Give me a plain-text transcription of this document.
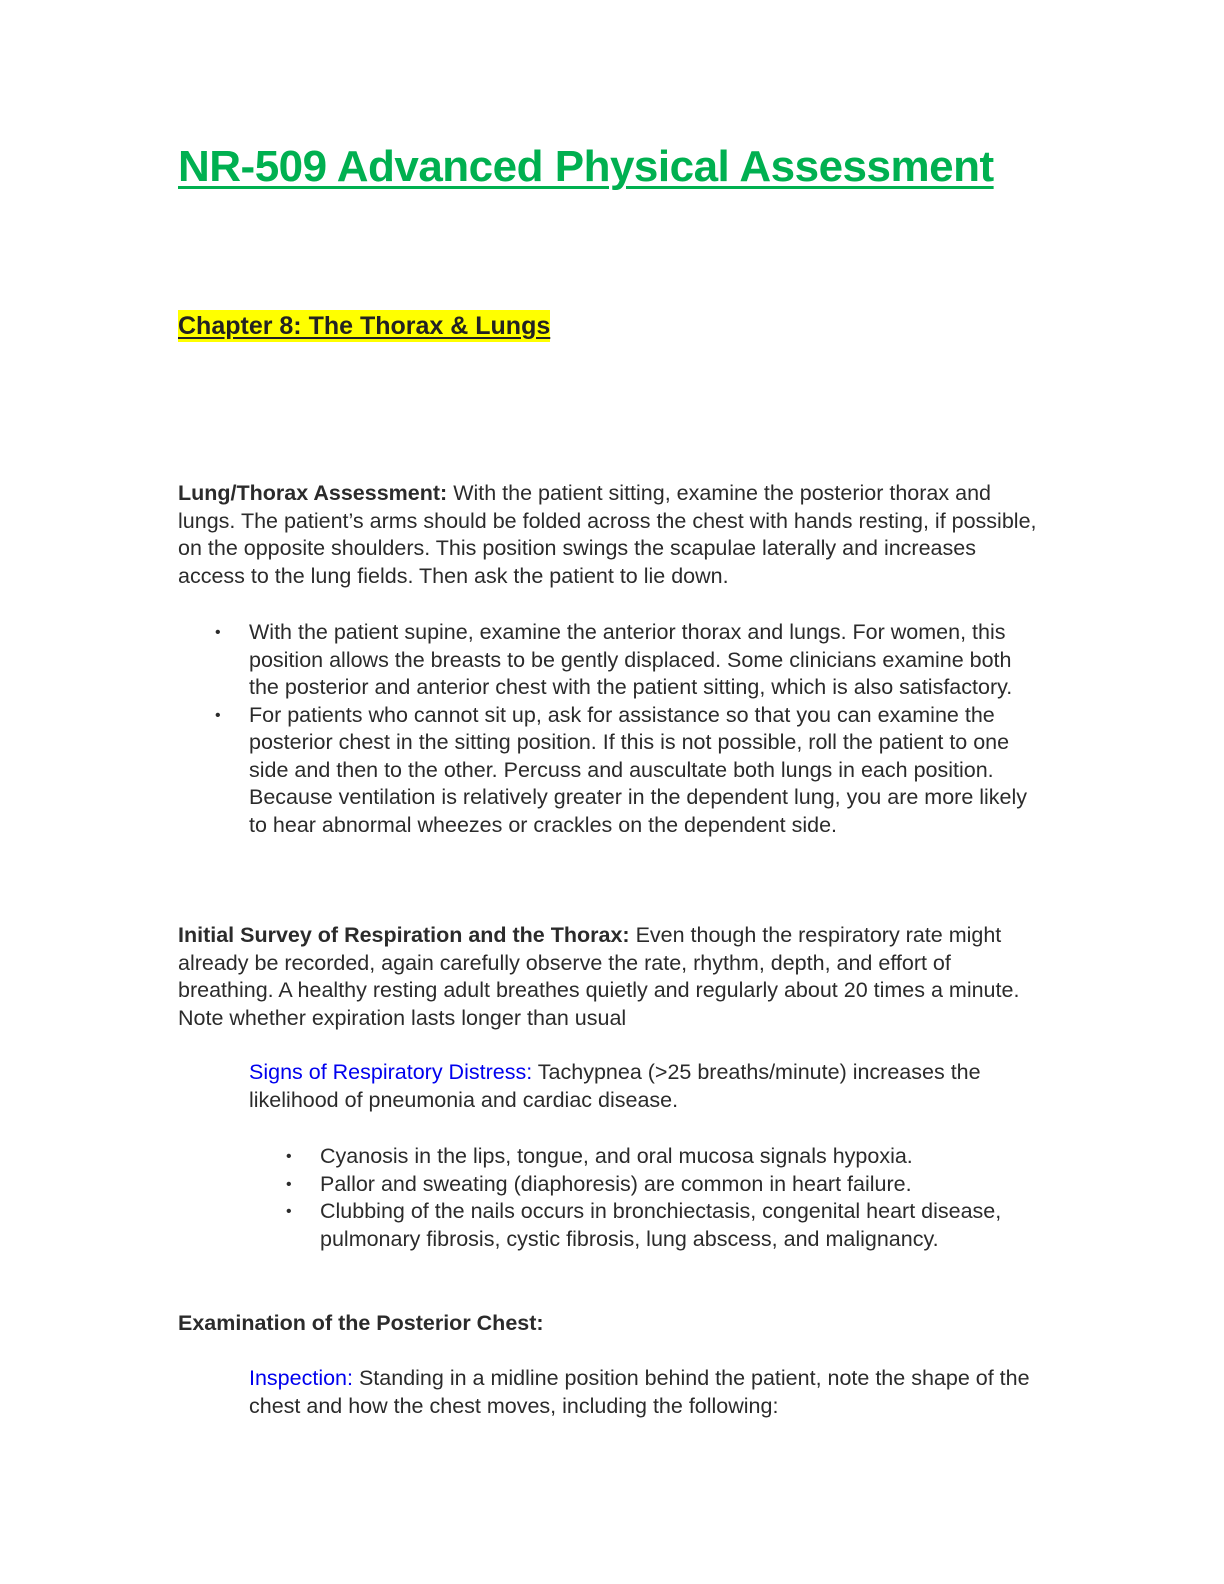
NR-509 Advanced Physical Assessment
Chapter 8: The Thorax & Lungs

Lung/Thorax Assessment: With the patient sitting, examine the posterior thorax and lungs. The patient’s arms should be folded across the chest with hands resting, if possible, on the opposite shoulders. This position swings the scapulae laterally and increases access to the lung fields. Then ask the patient to lie down.

• With the patient supine, examine the anterior thorax and lungs. For women, this position allows the breasts to be gently displaced. Some clinicians examine both the posterior and anterior chest with the patient sitting, which is also satisfactory.
• For patients who cannot sit up, ask for assistance so that you can examine the posterior chest in the sitting position. If this is not possible, roll the patient to one side and then to the other. Percuss and auscultate both lungs in each position. Because ventilation is relatively greater in the dependent lung, you are more likely to hear abnormal wheezes or crackles on the dependent side.

Initial Survey of Respiration and the Thorax: Even though the respiratory rate might already be recorded, again carefully observe the rate, rhythm, depth, and effort of breathing. A healthy resting adult breathes quietly and regularly about 20 times a minute. Note whether expiration lasts longer than usual

Signs of Respiratory Distress: Tachypnea (>25 breaths/minute) increases the likelihood of pneumonia and cardiac disease.

• Cyanosis in the lips, tongue, and oral mucosa signals hypoxia.
• Pallor and sweating (diaphoresis) are common in heart failure.
• Clubbing of the nails occurs in bronchiectasis, congenital heart disease, pulmonary fibrosis, cystic fibrosis, lung abscess, and malignancy.

Examination of the Posterior Chest:

Inspection: Standing in a midline position behind the patient, note the shape of the chest and how the chest moves, including the following:
